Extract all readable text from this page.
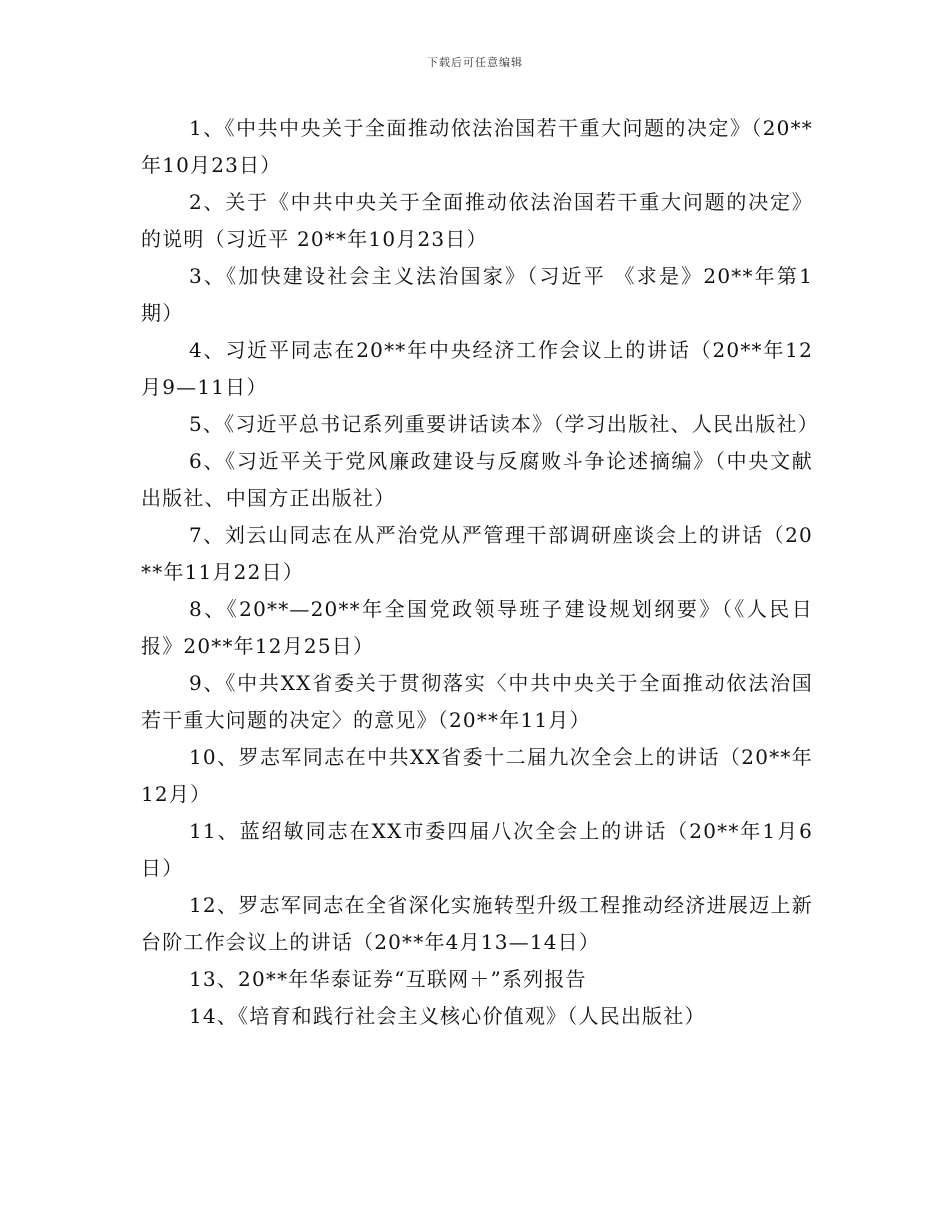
下载后可任意编辑

1、《中共中央关于全面推动依法治国若干重大问题的决定》（20**年10月23日）

2、关于《中共中央关于全面推动依法治国若干重大问题的决定》的说明（习近平 20**年10月23日）

3、《加快建设社会主义法治国家》（习近平 《求是》20**年第1期）

4、习近平同志在20**年中央经济工作会议上的讲话（20**年12月9—11日）

5、《习近平总书记系列重要讲话读本》（学习出版社、人民出版社）

6、《习近平关于党风廉政建设与反腐败斗争论述摘编》（中央文献出版社、中国方正出版社）

7、刘云山同志在从严治党从严管理干部调研座谈会上的讲话（20**年11月22日）

8、《20**—20**年全国党政领导班子建设规划纲要》（《人民日报》20**年12月25日）

9、《中共XX省委关于贯彻落实〈中共中央关于全面推动依法治国若干重大问题的决定〉的意见》（20**年11月）

10、罗志军同志在中共XX省委十二届九次全会上的讲话（20**年12月）

11、蓝绍敏同志在XX市委四届八次全会上的讲话（20**年1月6日）

12、罗志军同志在全省深化实施转型升级工程推动经济进展迈上新台阶工作会议上的讲话（20**年4月13—14日）

13、20**年华泰证券“互联网＋”系列报告

14、《培育和践行社会主义核心价值观》（人民出版社）
